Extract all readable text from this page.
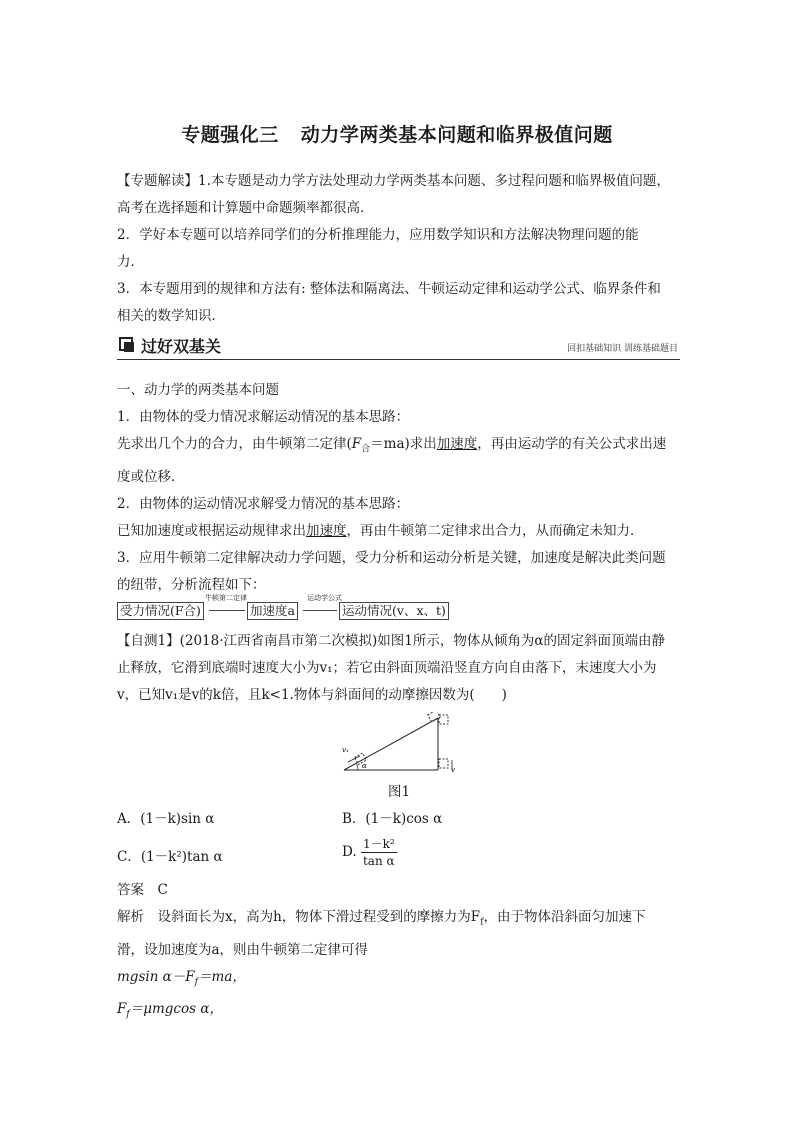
专题强化三 动力学两类基本问题和临界极值问题

【专题解读】1.本专题是动力学方法处理动力学两类基本问题、多过程问题和临界极值问题，

高考在选择题和计算题中命题频率都很高．

2．学好本专题可以培养同学们的分析推理能力，应用数学知识和方法解决物理问题的能

力．

3．本专题用到的规律和方法有: 整体法和隔离法、牛顿运动定律和运动学公式、临界条件和

相关的数学知识．

过好双基关	回扣基础知识 训练基础题目

一、动力学的两类基本问题

1．由物体的受力情况求解运动情况的基本思路：

先求出几个力的合力，由牛顿第二定律$(F_合=ma)$求出加速度，再由运动学的有关公式求出速

度或位移．

2．由物体的运动情况求解受力情况的基本思路：

已知加速度或根据运动规律求出加速度，再由牛顿第二定律求出合力，从而确定未知力．

3．应用牛顿第二定律解决动力学问题，受力分析和运动分析是关键，加速度是解决此类问题

的纽带，分析流程如下：

受力情况(F合)
牛顿第二定律
加速度a
运动学公式
运动情况(v、x、t)

【自测1】(2018·江西省南昌市第二次模拟)如图1所示，物体从倾角为α的固定斜面顶端由静

止释放，它滑到底端时速度大小为v₁；若它由斜面顶端沿竖直方向自由落下，末速度大小为

v，已知v₁是v的k倍，且k<1.物体与斜面间的动摩擦因数为(　　)

v₁
α	v
图1
A．(1－k)sin α	B．(1－k)cos α
C．(1－k²)tan α	D. $\frac{\text{1－k²}}{\text{tan α}}$

答案　 C

解析　 设斜面长为x，高为h，物体下滑过程受到的摩擦力为$F_f$，由于物体沿斜面匀加速下

滑，设加速度为a，则由牛顿第二定律可得

mgsin $\alpha-F_f=ma$，

$F_f=\mu mgcos$ α，
